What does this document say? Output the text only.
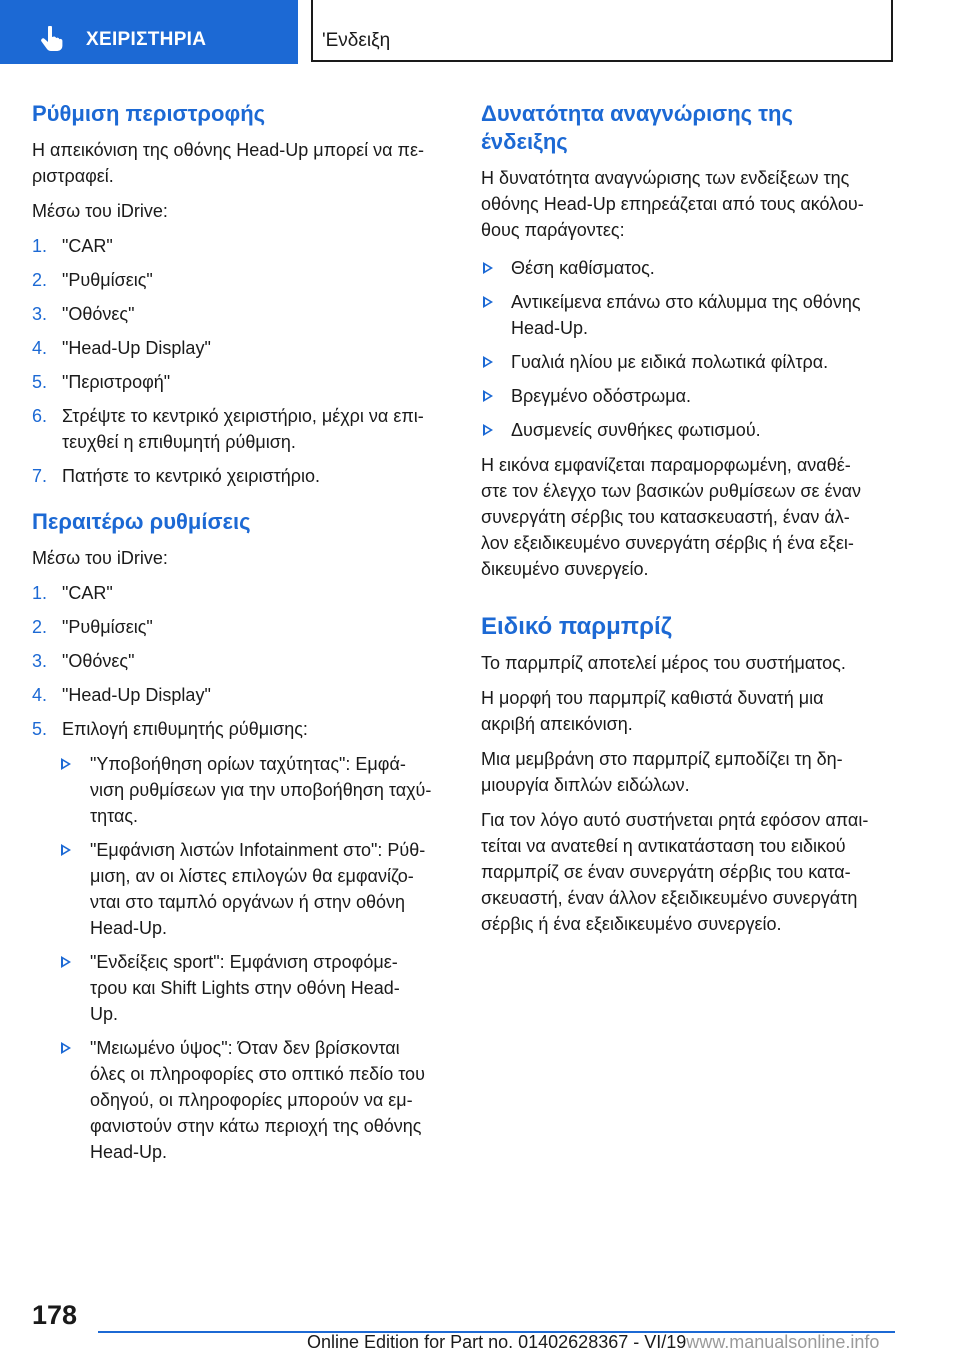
ΧΕΙΡΙΣΤΗΡΙΑ	'Ενδειξη
Ρύθμιση περιστροφής

Η απεικόνιση της οθόνης Head-Up μπορεί να πε‐
ριστραφεί.

Μέσω του iDrive:

1. "CAR"
2. "Ρυθμίσεις"
3. "Οθόνες"
4. "Head-Up Display"
5. "Περιστροφή"
6. Στρέψτε το κεντρικό χειριστήριο, μέχρι να επι‐
τευχθεί η επιθυμητή ρύθμιση.
7. Πατήστε το κεντρικό χειριστήριο.
Περαιτέρω ρυθμίσεις

Μέσω του iDrive:

1. "CAR"
2. "Ρυθμίσεις"
3. "Οθόνες"
4. "Head-Up Display"
5. Επιλογή επιθυμητής ρύθμισης:
"Υποβοήθηση ορίων ταχύτητας": Εμφά‐
νιση ρυθμίσεων για την υποβοήθηση ταχύ‐
τητας.
"Εμφάνιση λιστών Infotainment στο": Ρύθ‐
μιση, αν οι λίστες επιλογών θα εμφανίζο‐
νται στο ταμπλό οργάνων ή στην οθόνη
Head-Up.
"Ενδείξεις sport": Εμφάνιση στροφόμε‐
τρου και Shift Lights στην οθόνη Head-
Up.
"Μειωμένο ύψος": Όταν δεν βρίσκονται
όλες οι πληροφορίες στο οπτικό πεδίο του
οδηγού, οι πληροφορίες μπορούν να εμ‐
φανιστούν στην κάτω περιοχή της οθόνης
Head-Up.
Δυνατότητα αναγνώρισης της
ένδειξης

Η δυνατότητα αναγνώρισης των ενδείξεων της
οθόνης Head-Up επηρεάζεται από τους ακόλου‐
θους παράγοντες:

Θέση καθίσματος.
Αντικείμενα επάνω στο κάλυμμα της οθόνης
Head-Up.
Γυαλιά ηλίου με ειδικά πολωτικά φίλτρα.
Βρεγμένο οδόστρωμα.
Δυσμενείς συνθήκες φωτισμού.

Η εικόνα εμφανίζεται παραμορφωμένη, αναθέ‐
στε τον έλεγχο των βασικών ρυθμίσεων σε έναν
συνεργάτη σέρβις του κατασκευαστή, έναν άλ‐
λον εξειδικευμένο συνεργάτη σέρβις ή ένα εξει‐
δικευμένο συνεργείο.

Ειδικό παρμπρίζ

Το παρμπρίζ αποτελεί μέρος του συστήματος.

Η μορφή του παρμπρίζ καθιστά δυνατή μια
ακριβή απεικόνιση.

Μια μεμβράνη στο παρμπρίζ εμποδίζει τη δη‐
μιουργία διπλών ειδώλων.

Για τον λόγο αυτό συστήνεται ρητά εφόσον απαι‐
τείται να ανατεθεί η αντικατάσταση του ειδικού
παρμπρίζ σε έναν συνεργάτη σέρβις του κατα‐
σκευαστή, έναν άλλον εξειδικευμένο συνεργάτη
σέρβις ή ένα εξειδικευμένο συνεργείο.

178
Online Edition for Part no. 01402628367 - VI/19www.manualsonline.info
